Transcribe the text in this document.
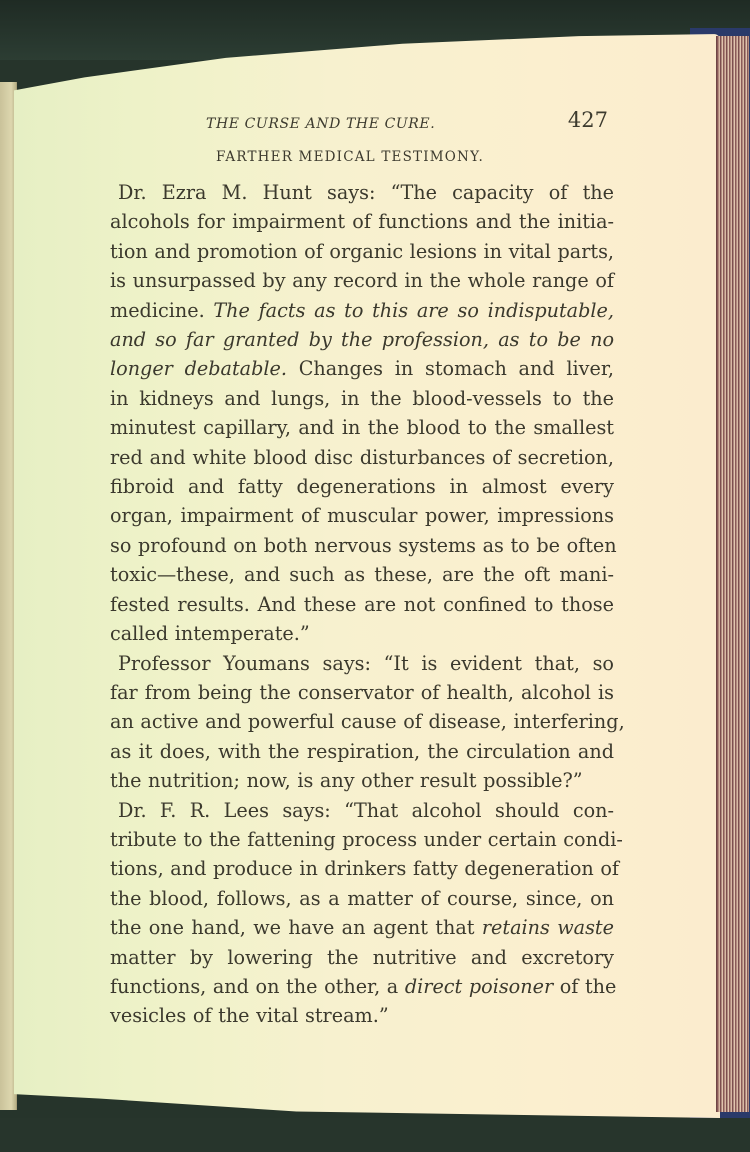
THE CURSE AND THE CURE.	427
FARTHER MEDICAL TESTIMONY.
Dr. Ezra M. Hunt says: “The capacity of the
alcohols for impairment of functions and the initia-
tion and promotion of organic lesions in vital parts,
is unsurpassed by any record in the whole range of
medicine. The facts as to this are so indisputable,
and so far granted by the profession, as to be no
longer debatable. Changes in stomach and liver,
in kidneys and lungs, in the blood-vessels to the
minutest capillary, and in the blood to the smallest
red and white blood disc disturbances of secretion,
fibroid and fatty degenerations in almost every
organ, impairment of muscular power, impressions
so profound on both nervous systems as to be often
toxic—these, and such as these, are the oft mani-
fested results. And these are not confined to those
called intemperate.”
Professor Youmans says: “It is evident that, so
far from being the conservator of health, alcohol is
an active and powerful cause of disease, interfering,
as it does, with the respiration, the circulation and
the nutrition; now, is any other result possible?”
Dr. F. R. Lees says: “That alcohol should con-
tribute to the fattening process under certain condi-
tions, and produce in drinkers fatty degeneration of
the blood, follows, as a matter of course, since, on
the one hand, we have an agent that retains waste
matter by lowering the nutritive and excretory
functions, and on the other, a direct poisoner of the
vesicles of the vital stream.”
